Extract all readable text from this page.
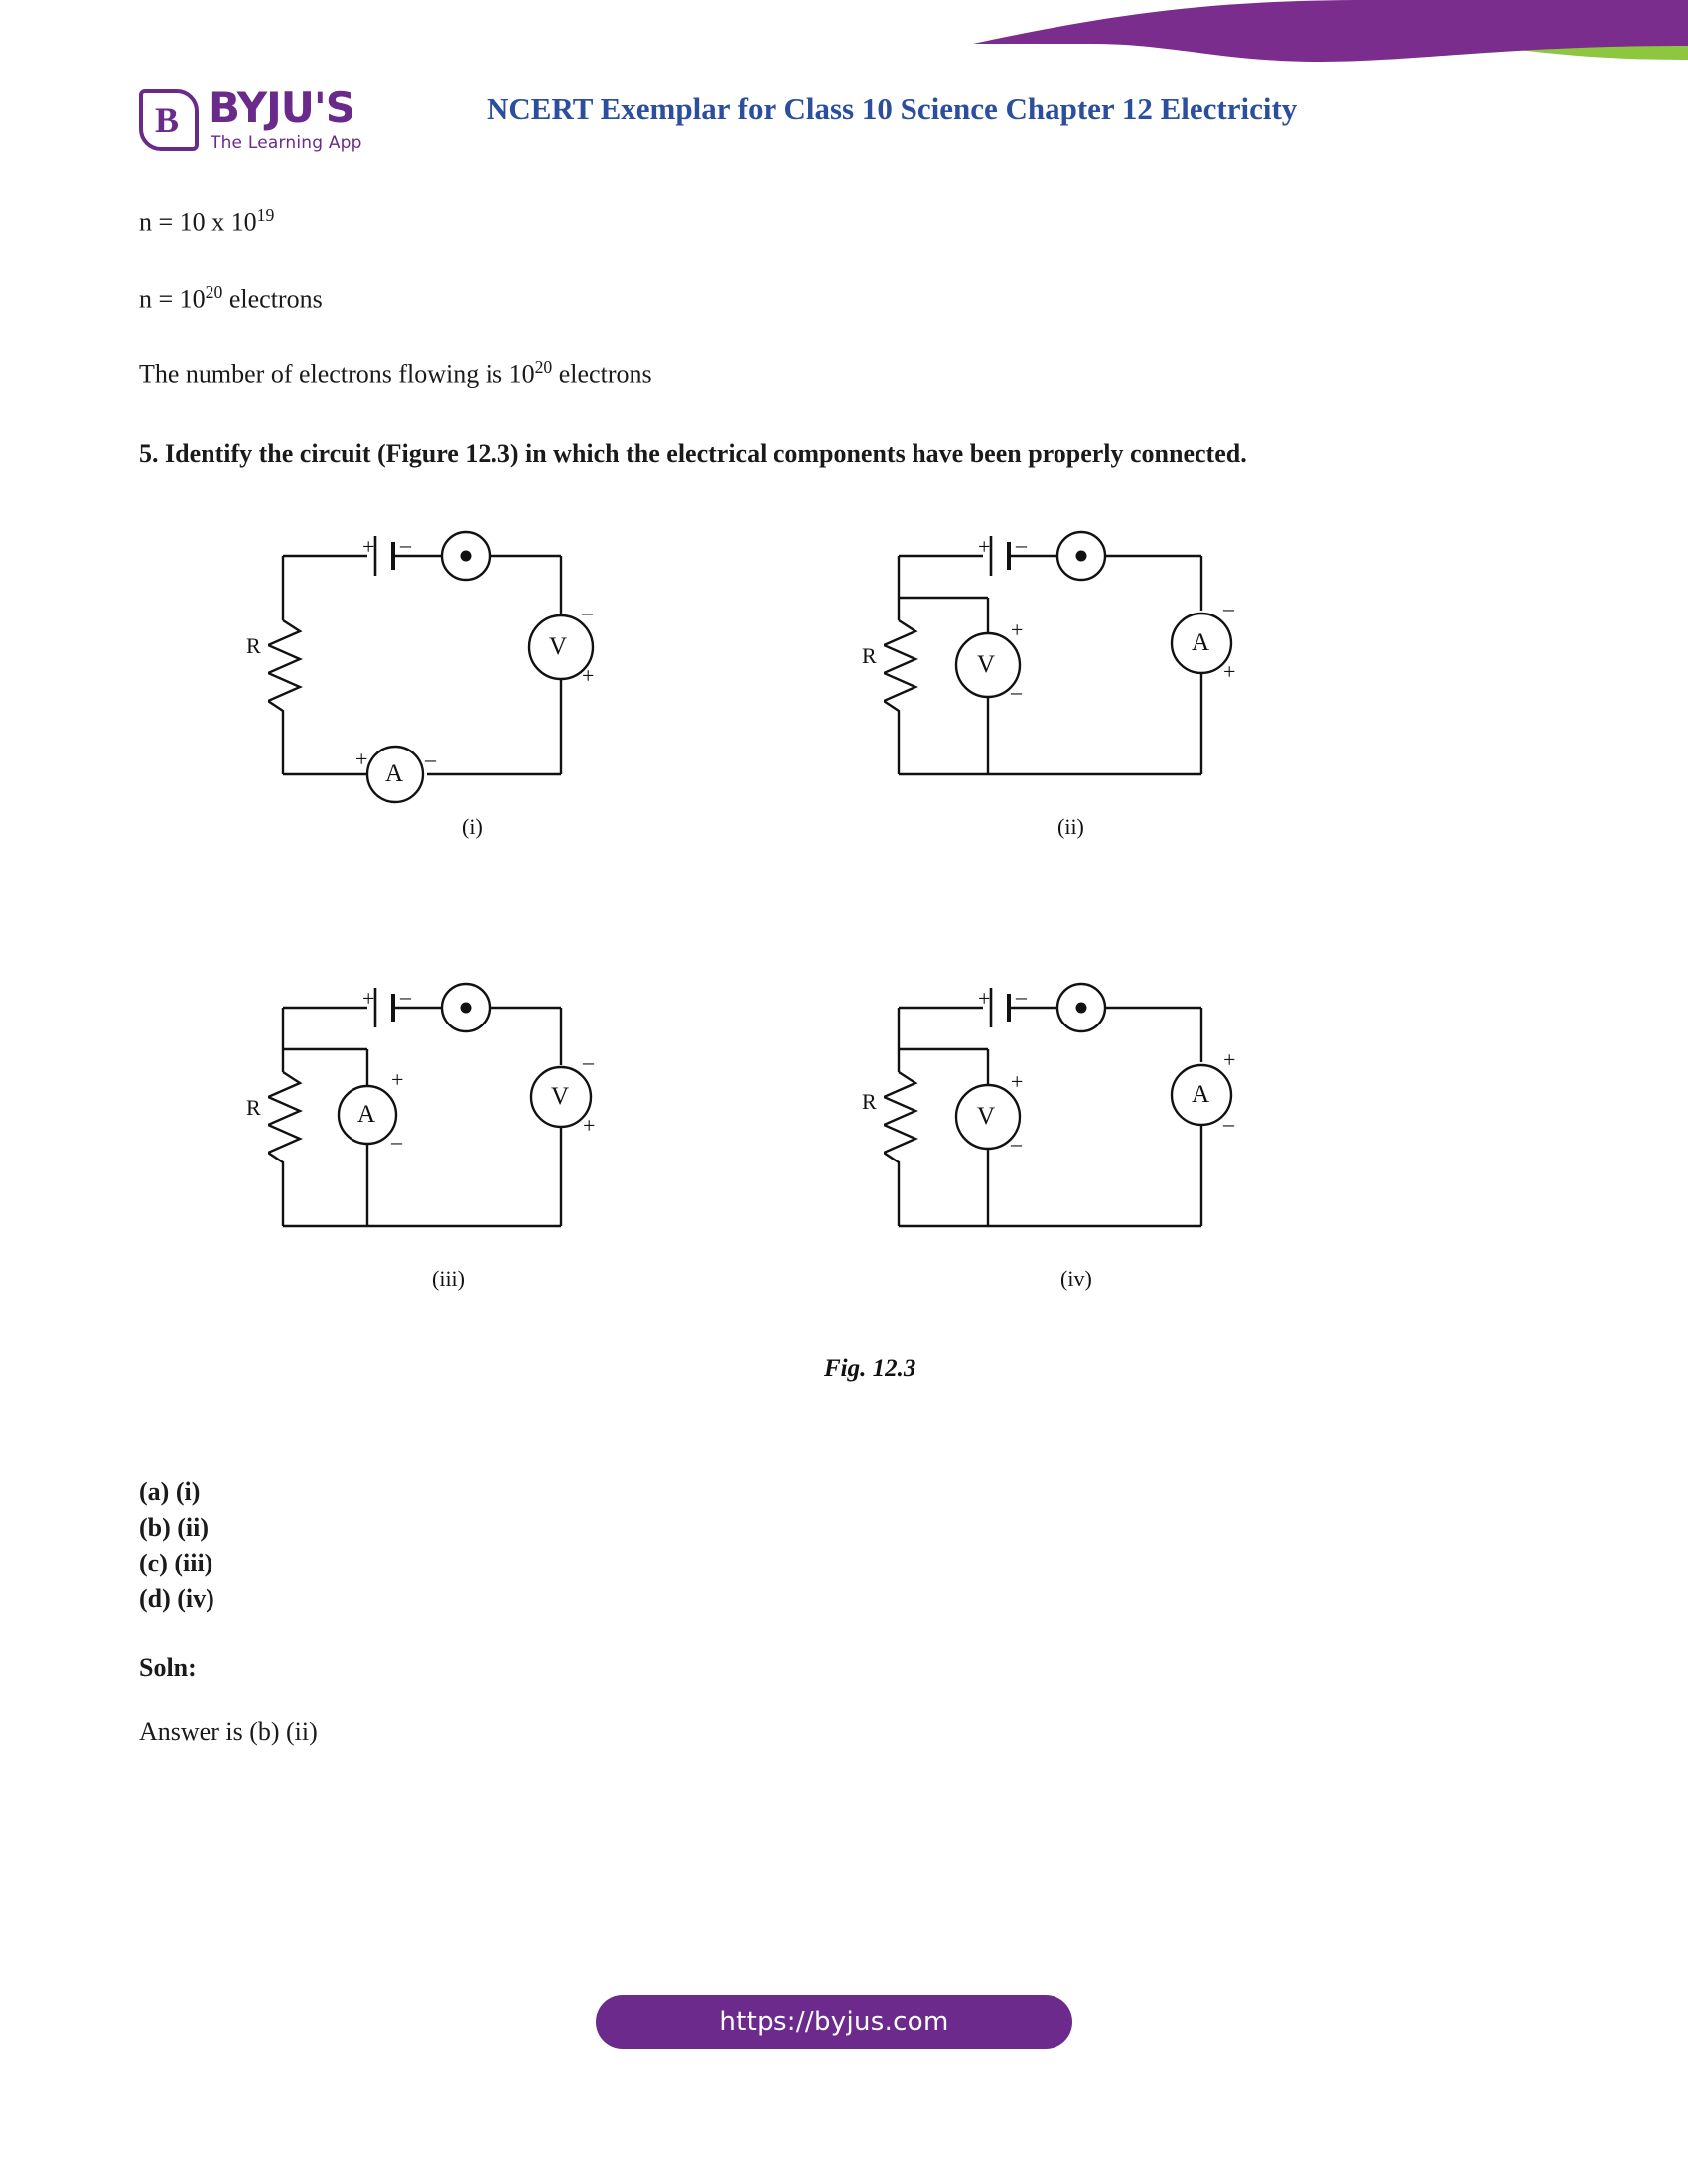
B BYJU'S
The Learning App
NCERT Exemplar for Class 10 Science Chapter 12 Electricity

n = 10 x $10^{19}$

$n = 10^{20}$ electrons

The number of electrons flowing is $10^{20}$ electrons

5. Identify the circuit (Figure 12.3) in which the electrical components have been properly connected.
+ –
R	V
–
+
A
+	–
(i)
+ –
R	V
+
–
A
–
+
(ii)
+ –
R	A
+
–
V
–
+
(iii)
+ –
R
V
+
–
A
+
–
(iv)
Fig. 12.3
(a) (i)
(b) (ii)
(c) (iii)
(d) (iv)
Soln:
Answer is (b) (ii)
https://byjus.com
